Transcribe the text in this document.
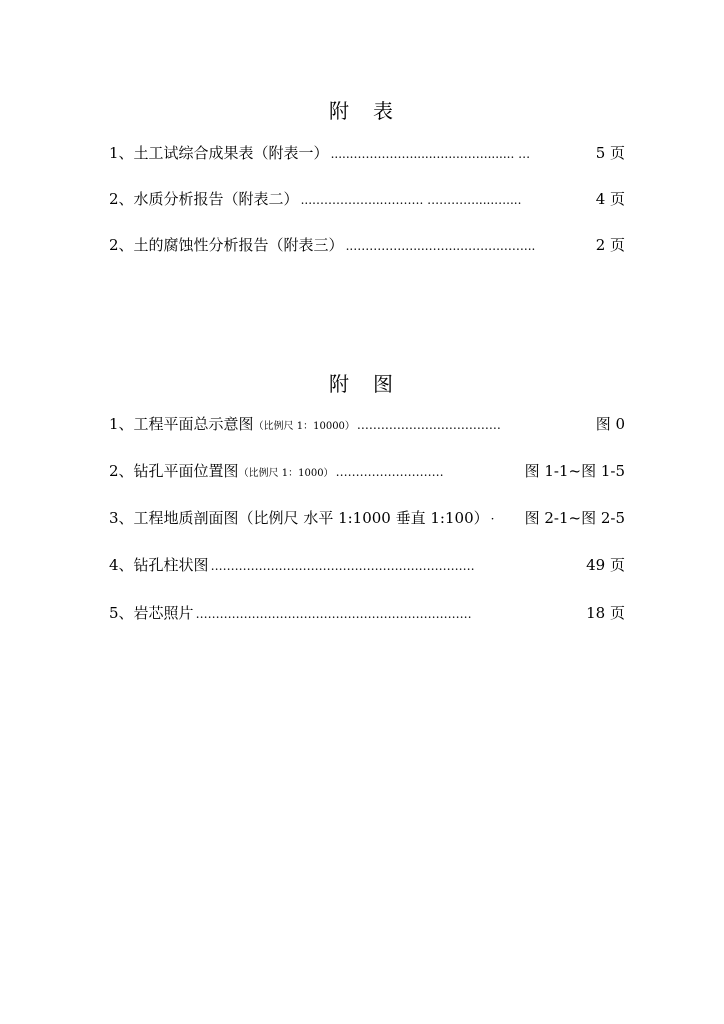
附　表
1、 土工试综合成果表（附表一） ......……………......…...……........ …	5 页
2、 水质分析报告（附表二） ...……………...………. ………….....…....	4 页
2、 土的腐蚀性分析报告（附表三） ..……………...……...……….……...	2 页
附　图
1、 工程平面总示意图 （比例尺 1：10000） ………………………………	图 0
2、 钻孔平面位置图 （比例尺 1：1000） ………………………	图 1-1~图 1-5
3、 工程地质剖面图（比例尺 水平 1:1000 垂直 1:100） ·	图 2-1~图 2-5
4、 钻孔柱状图 …………………………………………………………	49 页
5、 岩芯照片 ……………………………………………………………	18 页
